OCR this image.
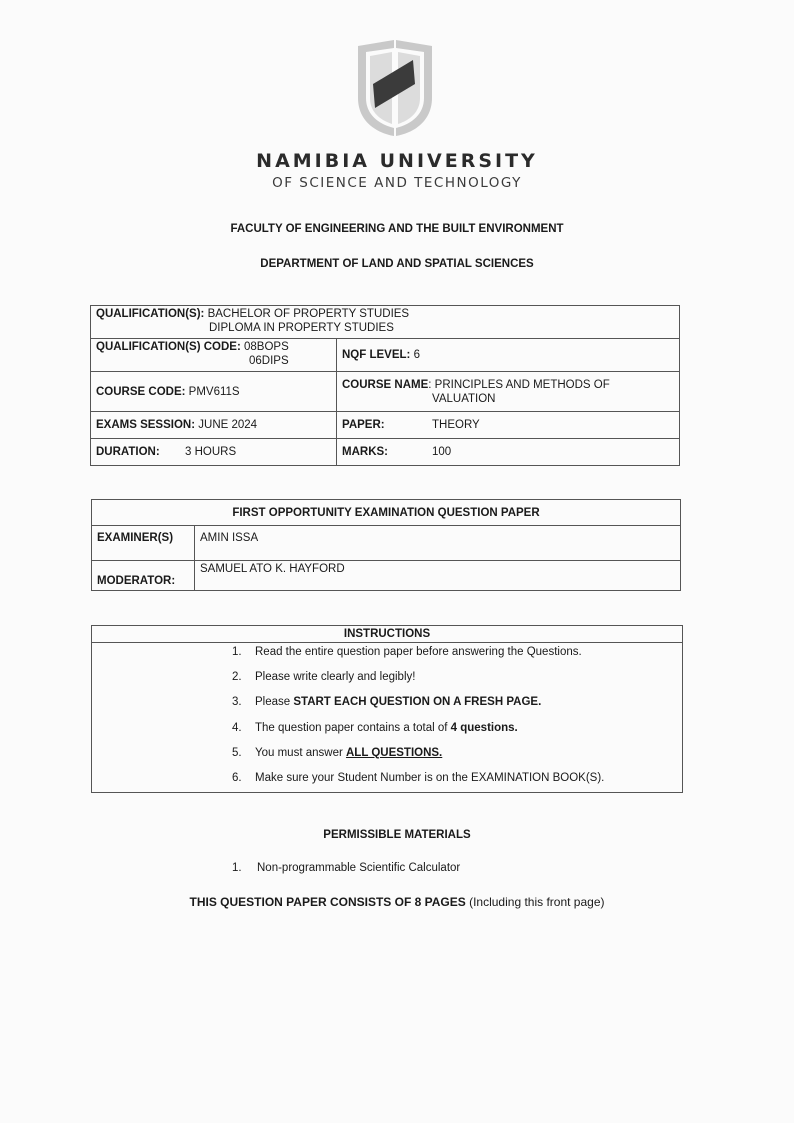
NAMIBIA UNIVERSITY
OF SCIENCE AND TECHNOLOGY
FACULTY OF ENGINEERING AND THE BUILT ENVIRONMENT
DEPARTMENT OF LAND AND SPATIAL SCIENCES
QUALIFICATION(S): BACHELOR OF PROPERTY STUDIES
DIPLOMA IN PROPERTY STUDIES	

QUALIFICATION(S) CODE: 08BOPS
06DIPS	NQF LEVEL: 6
COURSE CODE: PMV611S	COURSE NAME: PRINCIPLES AND METHODS OF
VALUATION

EXAMS SESSION: JUNE 2024	PAPER: THEORY
DURATION: 3 HOURS	MARKS: 100
FIRST OPPORTUNITY EXAMINATION QUESTION PAPER	
EXAMINER(S)	AMIN ISSA
MODERATOR:	SAMUEL ATO K. HAYFORD
INSTRUCTIONS
1. Read the entire question paper before answering the Questions.
2. Please write clearly and legibly!
3. Please START EACH QUESTION ON A FRESH PAGE.
4. The question paper contains a total of 4 questions.
5. You must answer ALL QUESTIONS.
6. Make sure your Student Number is on the EXAMINATION BOOK(S).
PERMISSIBLE MATERIALS
1. Non-programmable Scientific Calculator
THIS QUESTION PAPER CONSISTS OF 8 PAGES (Including this front page)
